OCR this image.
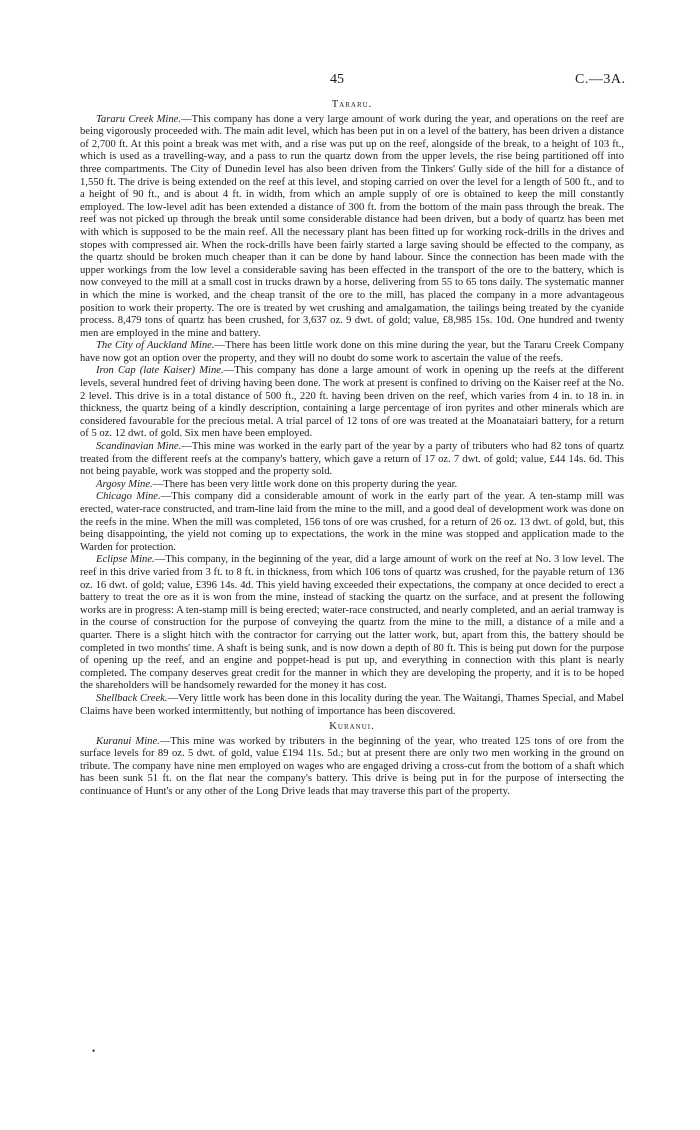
45	C.—3A.
Tararu.

Tararu Creek Mine.—This company has done a very large amount of work during the year, and operations on the reef are being vigorously proceeded with. The main adit level, which has been put in on a level of the battery, has been driven a distance of 2,700 ft. At this point a break was met with, and a rise was put up on the reef, alongside of the break, to a height of 103 ft., which is used as a travelling-way, and a pass to run the quartz down from the upper levels, the rise being partitioned off into three compartments. The City of Dunedin level has also been driven from the Tinkers' Gully side of the hill for a distance of 1,550 ft. The drive is being extended on the reef at this level, and stoping carried on over the level for a length of 500 ft., and to a height of 90 ft., and is about 4 ft. in width, from which an ample supply of ore is obtained to keep the mill constantly employed. The low-level adit has been extended a distance of 300 ft. from the bottom of the main pass through the break. The reef was not picked up through the break until some considerable distance had been driven, but a body of quartz has been met with which is supposed to be the main reef. All the necessary plant has been fitted up for working rock-drills in the drives and stopes with compressed air. When the rock-drills have been fairly started a large saving should be effected to the company, as the quartz should be broken much cheaper than it can be done by hand labour. Since the connection has been made with the upper workings from the low level a considerable saving has been effected in the transport of the ore to the battery, which is now conveyed to the mill at a small cost in trucks drawn by a horse, delivering from 55 to 65 tons daily. The systematic manner in which the mine is worked, and the cheap transit of the ore to the mill, has placed the company in a more advantageous position to work their property. The ore is treated by wet crushing and amalgamation, the tailings being treated by the cyanide process. 8,479 tons of quartz has been crushed, for 3,637 oz. 9 dwt. of gold; value, £8,985 15s. 10d. One hundred and twenty men are employed in the mine and battery.

The City of Auckland Mine.—There has been little work done on this mine during the year, but the Tararu Creek Company have now got an option over the property, and they will no doubt do some work to ascertain the value of the reefs.

Iron Cap (late Kaiser) Mine.—This company has done a large amount of work in opening up the reefs at the different levels, several hundred feet of driving having been done. The work at present is confined to driving on the Kaiser reef at the No. 2 level. This drive is in a total distance of 500 ft., 220 ft. having been driven on the reef, which varies from 4 in. to 18 in. in thickness, the quartz being of a kindly description, containing a large percentage of iron pyrites and other minerals which are considered favourable for the precious metal. A trial parcel of 12 tons of ore was treated at the Moanataiari battery, for a return of 5 oz. 12 dwt. of gold. Six men have been employed.

Scandinavian Mine.—This mine was worked in the early part of the year by a party of tributers who had 82 tons of quartz treated from the different reefs at the company's battery, which gave a return of 17 oz. 7 dwt. of gold; value, £44 14s. 6d. This not being payable, work was stopped and the property sold.

Argosy Mine.—There has been very little work done on this property during the year.

Chicago Mine.—This company did a considerable amount of work in the early part of the year. A ten-stamp mill was erected, water-race constructed, and tram-line laid from the mine to the mill, and a good deal of development work was done on the reefs in the mine. When the mill was completed, 156 tons of ore was crushed, for a return of 26 oz. 13 dwt. of gold, but, this being disappointing, the yield not coming up to expectations, the work in the mine was stopped and application made to the Warden for protection.

Eclipse Mine.—This company, in the beginning of the year, did a large amount of work on the reef at No. 3 low level. The reef in this drive varied from 3 ft. to 8 ft. in thickness, from which 106 tons of quartz was crushed, for the payable return of 136 oz. 16 dwt. of gold; value, £396 14s. 4d. This yield having exceeded their expectations, the company at once decided to erect a battery to treat the ore as it is won from the mine, instead of stacking the quartz on the surface, and at present the following works are in progress: A ten-stamp mill is being erected; water-race constructed, and nearly completed, and an aerial tramway is in the course of construction for the purpose of conveying the quartz from the mine to the mill, a distance of a mile and a quarter. There is a slight hitch with the contractor for carrying out the latter work, but, apart from this, the battery should be completed in two months' time. A shaft is being sunk, and is now down a depth of 80 ft. This is being put down for the purpose of opening up the reef, and an engine and poppet-head is put up, and everything in connection with this plant is nearly completed. The company deserves great credit for the manner in which they are developing the property, and it is to be hoped the shareholders will be handsomely rewarded for the money it has cost.

Shellback Creek.—Very little work has been done in this locality during the year. The Waitangi, Thames Special, and Mabel Claims have been worked intermittently, but nothing of importance has been discovered.

Kuranui.

Kuranui Mine.—This mine was worked by tributers in the beginning of the year, who treated 125 tons of ore from the surface levels for 89 oz. 5 dwt. of gold, value £194 11s. 5d.; but at present there are only two men working in the ground on tribute. The company have nine men employed on wages who are engaged driving a cross-cut from the bottom of a shaft which has been sunk 51 ft. on the flat near the company's battery. This drive is being put in for the purpose of intersecting the continuance of Hunt's or any other of the Long Drive leads that may traverse this part of the property.

•
